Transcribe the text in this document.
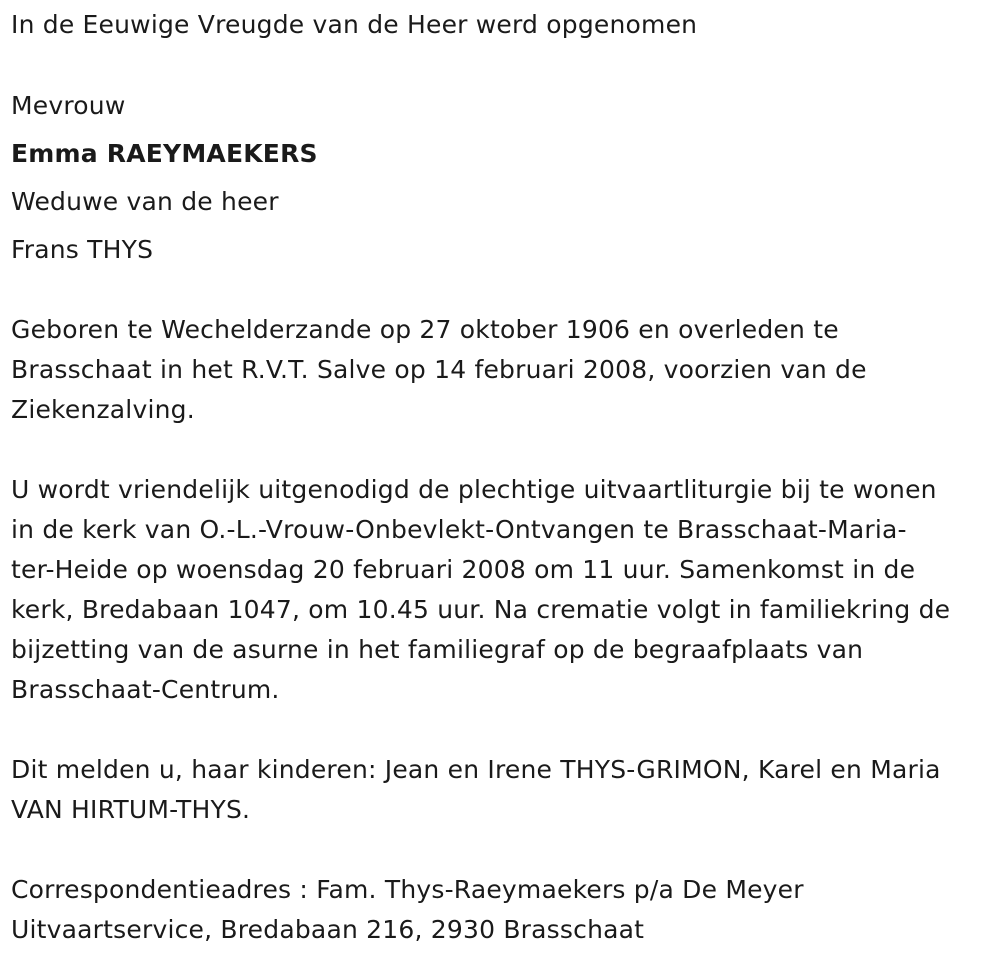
In de Eeuwige Vreugde van de Heer werd opgenomen

Mevrouw

Emma RAEYMAEKERS

Weduwe van de heer

Frans THYS

Geboren te Wechelderzande op 27 oktober 1906 en overleden te

Brasschaat in het R.V.T. Salve op 14 februari 2008, voorzien van de

Ziekenzalving.

U wordt vriendelijk uitgenodigd de plechtige uitvaartliturgie bij te wonen

in de kerk van O.-L.-Vrouw-Onbevlekt-Ontvangen te Brasschaat-Maria-

ter-Heide op woensdag 20 februari 2008 om 11 uur. Samenkomst in de

kerk, Bredabaan 1047, om 10.45 uur. Na crematie volgt in familiekring de

bijzetting van de asurne in het familiegraf op de begraafplaats van

Brasschaat-Centrum.

Dit melden u, haar kinderen: Jean en Irene THYS-GRIMON, Karel en Maria

VAN HIRTUM-THYS.

Correspondentieadres : Fam. Thys-Raeymaekers p/a De Meyer

Uitvaartservice, Bredabaan 216, 2930 Brasschaat
